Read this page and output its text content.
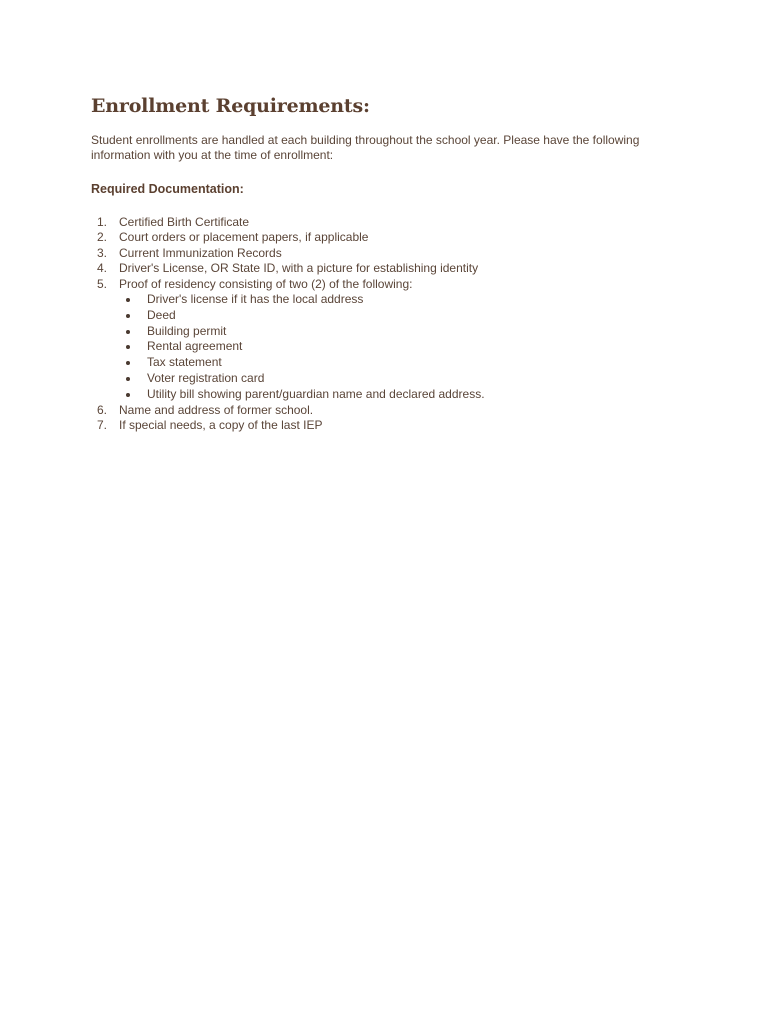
Enrollment Requirements:

Student enrollments are handled at each building throughout the school year. Please have the following information with you at the time of enrollment:

Required Documentation:
1. Certified Birth Certificate
2. Court orders or placement papers, if applicable
3. Current Immunization Records
4. Driver's License, OR State ID, with a picture for establishing identity
5. Proof of residency consisting of two (2) of the following:
Driver's license if it has the local address
Deed
Building permit
Rental agreement
Tax statement
Voter registration card
Utility bill showing parent/guardian name and declared address.
6. Name and address of former school.
7. If special needs, a copy of the last IEP
